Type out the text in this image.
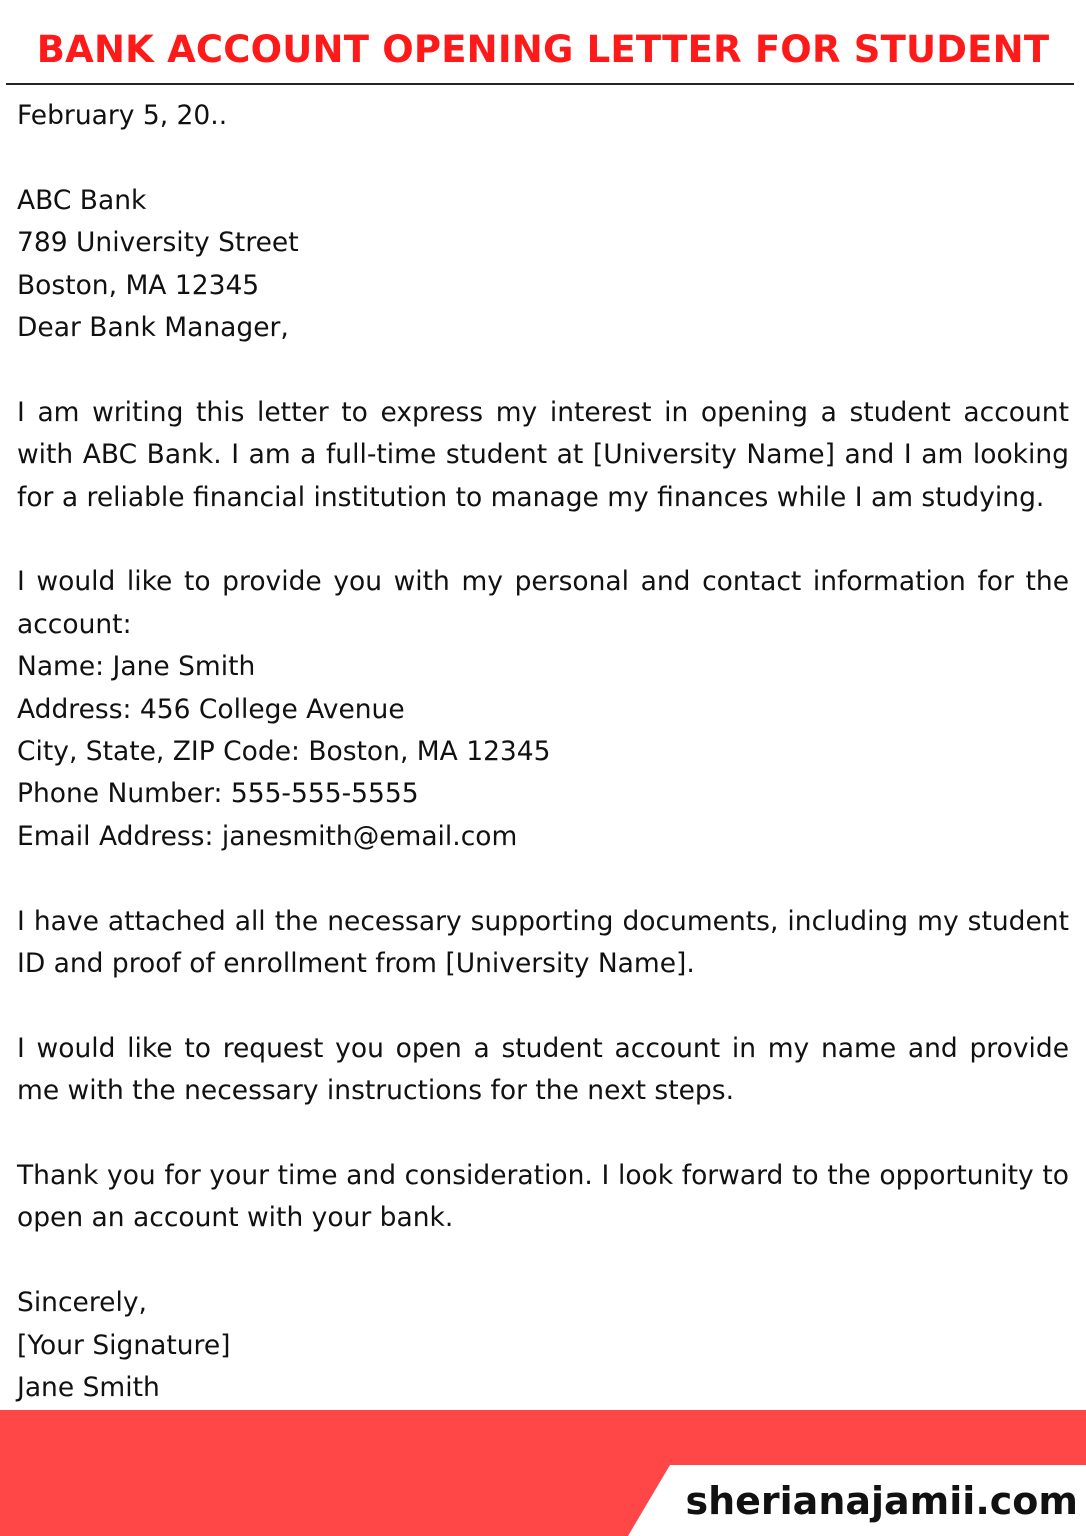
BANK ACCOUNT OPENING LETTER FOR STUDENT
February 5, 20..
ABC Bank
789 University Street
Boston, MA 12345
Dear Bank Manager,

I am writing this letter to express my interest in opening a student account with ABC Bank. I am a full-time student at [University Name] and I am looking for a reliable financial institution to manage my finances while I am studying.

I would like to provide you with my personal and contact information for the account:

Name: Jane Smith
Address: 456 College Avenue
City, State, ZIP Code: Boston, MA 12345
Phone Number: 555-555-5555
Email Address: janesmith@email.com

I have attached all the necessary supporting documents, including my student ID and proof of enrollment from [University Name].

I would like to request you open a student account in my name and provide me with the necessary instructions for the next steps.

Thank you for your time and consideration. I look forward to the opportunity to open an account with your bank.

Sincerely,
[Your Signature]
Jane Smith
sherianajamii.com
